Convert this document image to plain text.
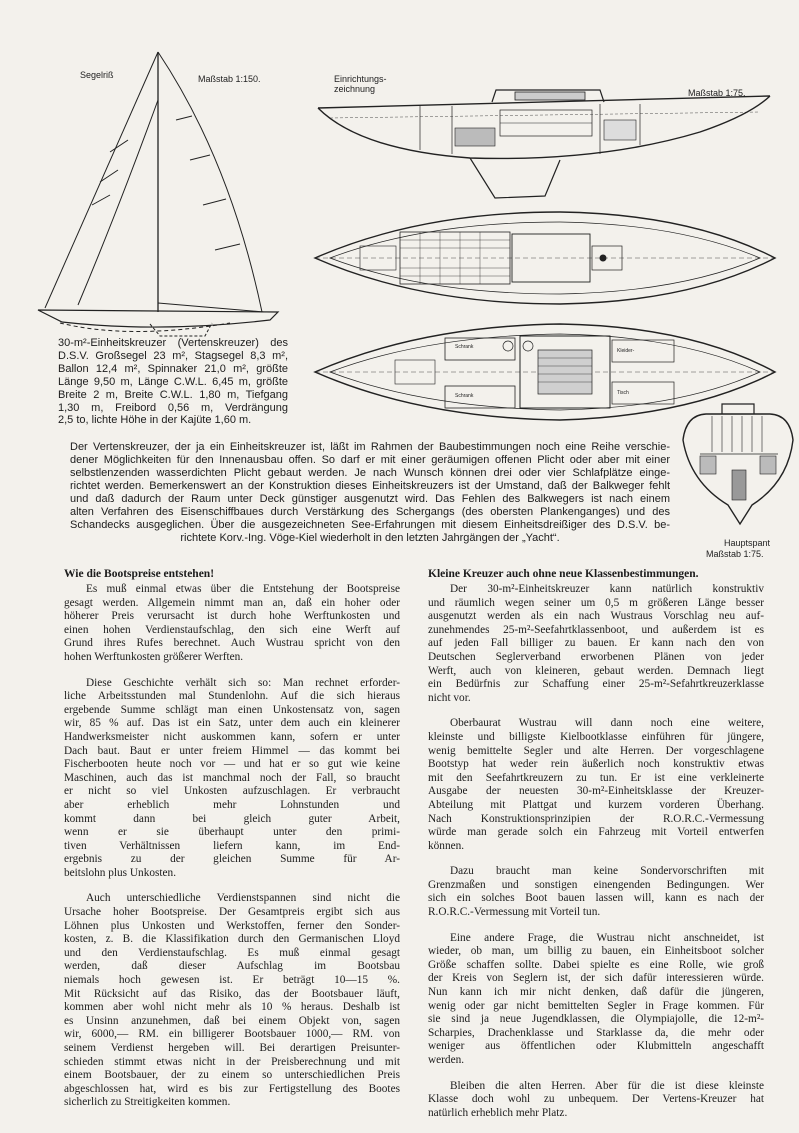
Segelriß	Maßstab 1:150.	Einrichtungs-
zeichnung	Maßstab 1:75.
Schrank
Schrank
Kleider-
Tisch
Hauptspant
Maßstab 1:75.
30-m²-Einheitskreuzer (Vertenskreuzer) des
D.S.V. Großsegel 23 m², Stagsegel 8,3 m²,
Ballon 12,4 m², Spinnaker 21,0 m², größte
Länge 9,50 m, Länge C.W.L. 6,45 m, größte
Breite 2 m, Breite C.W.L. 1,80 m, Tiefgang
1,30 m, Freibord 0,56 m, Verdrängung
2,5 to, lichte Höhe in der Kajüte 1,60 m.
Der Vertenskreuzer, der ja ein Einheitskreuzer ist, läßt im Rahmen der Baubestimmungen noch eine Reihe verschie-
dener Möglichkeiten für den Innenausbau offen. So darf er mit einer geräumigen offenen Plicht oder aber mit einer
selbstlenzenden wasserdichten Plicht gebaut werden. Je nach Wunsch können drei oder vier Schlafplätze einge-
richtet werden. Bemerkenswert an der Konstruktion dieses Einheitskreuzers ist der Umstand, daß der Balkweger fehlt
und daß dadurch der Raum unter Deck günstiger ausgenutzt wird. Das Fehlen des Balkwegers ist nach einem
alten Verfahren des Eisenschiffbaues durch Verstärkung des Schergangs (des obersten Plankenganges) und des
Schandecks ausgeglichen. Über die ausgezeichneten See-Erfahrungen mit diesem Einheitsdreißiger des D.S.V. be-
richtete Korv.-Ing. Vöge-Kiel wiederholt in den letzten Jahrgängen der „Yacht“.
Wie die Bootspreise entstehen!
Es muß einmal etwas über die Entstehung der Bootspreise
gesagt werden. Allgemein nimmt man an, daß ein hoher oder
höherer Preis verursacht ist durch hohe Werftunkosten und
einen hohen Verdienstaufschlag, den sich eine Werft auf
Grund ihres Rufes berechnet. Auch Wustrau spricht von den
hohen Werftunkosten größerer Werften.
Diese Geschichte verhält sich so: Man rechnet erforder-
liche Arbeitsstunden mal Stundenlohn. Auf die sich hieraus
ergebende Summe schlägt man einen Unkostensatz von, sagen
wir, 85 % auf. Das ist ein Satz, unter dem auch ein kleinerer
Handwerksmeister nicht auskommen kann, sofern er unter
Dach baut. Baut er unter freiem Himmel — das kommt bei
Fischerbooten heute noch vor — und hat er so gut wie keine
Maschinen, auch das ist manchmal noch der Fall, so braucht
er nicht so viel Unkosten aufzuschlagen. Er verbraucht
aber erheblich mehr Lohnstunden und
kommt dann bei gleich guter Arbeit,
wenn er sie überhaupt unter den primi-
tiven Verhältnissen liefern kann, im End-
ergebnis zu der gleichen Summe für Ar-
beitslohn plus Unkosten.
Auch unterschiedliche Verdienstspannen sind nicht die
Ursache hoher Bootspreise. Der Gesamtpreis ergibt sich aus
Löhnen plus Unkosten und Werkstoffen, ferner den Sonder-
kosten, z. B. die Klassifikation durch den Germanischen Lloyd
und den Verdienstaufschlag. Es muß einmal gesagt
werden, daß dieser Aufschlag im Bootsbau
niemals hoch gewesen ist. Er beträgt 10—15 %.
Mit Rücksicht auf das Risiko, das der Bootsbauer läuft,
kommen aber wohl nicht mehr als 10 % heraus. Deshalb ist
es Unsinn anzunehmen, daß bei einem Objekt von, sagen
wir, 6000,— RM. ein billigerer Bootsbauer 1000,— RM. von
seinem Verdienst hergeben will. Bei derartigen Preisunter-
schieden stimmt etwas nicht in der Preisberechnung und mit
einem Bootsbauer, der zu einem so unterschiedlichen Preis
abgeschlossen hat, wird es bis zur Fertigstellung des Bootes
sicherlich zu Streitigkeiten kommen.
Kleine Kreuzer auch ohne neue Klassenbestimmungen.
Der 30-m²-Einheitskreuzer kann natürlich konstruktiv
und räumlich wegen seiner um 0,5 m größeren Länge besser
ausgenutzt werden als ein nach Wustraus Vorschlag neu auf-
zunehmendes 25-m²-Seefahrtklassenboot, und außerdem ist es
auf jeden Fall billiger zu bauen. Er kann nach den von
Deutschen Seglerverband erworbenen Plänen von jeder
Werft, auch von kleineren, gebaut werden. Demnach liegt
ein Bedürfnis zur Schaffung einer 25-m²-Sefahrtkreuzerklasse
nicht vor.
Oberbaurat Wustrau will dann noch eine weitere,
kleinste und billigste Kielbootklasse einführen für jüngere,
wenig bemittelte Segler und alte Herren. Der vorgeschlagene
Bootstyp hat weder rein äußerlich noch konstruktiv etwas
mit den Seefahrtkreuzern zu tun. Er ist eine verkleinerte
Ausgabe der neuesten 30-m²-Einheitsklasse der Kreuzer-
Abteilung mit Plattgat und kurzem vorderen Überhang.
Nach Konstruktionsprinzipien der R.O.R.C.-Vermessung
würde man gerade solch ein Fahrzeug mit Vorteil entwerfen
können.
Dazu braucht man keine Sondervorschriften mit
Grenzmaßen und sonstigen einengenden Bedingungen. Wer
sich ein solches Boot bauen lassen will, kann es nach der
R.O.R.C.-Vermessung mit Vorteil tun.
Eine andere Frage, die Wustrau nicht anschneidet, ist
wieder, ob man, um billig zu bauen, ein Einheitsboot solcher
Größe schaffen sollte. Dabei spielte es eine Rolle, wie groß
der Kreis von Seglern ist, der sich dafür interessieren würde.
Nun kann ich mir nicht denken, daß dafür die jüngeren,
wenig oder gar nicht bemittelten Segler in Frage kommen. Für
sie sind ja neue Jugendklassen, die Olympiajolle, die 12-m²-
Scharpies, Drachenklasse und Starklasse da, die mehr oder
weniger aus öffentlichen oder Klubmitteln angeschafft
werden.
Bleiben die alten Herren. Aber für die ist diese kleinste
Klasse doch wohl zu unbequem. Der Vertens-Kreuzer hat
natürlich erheblich mehr Platz.
